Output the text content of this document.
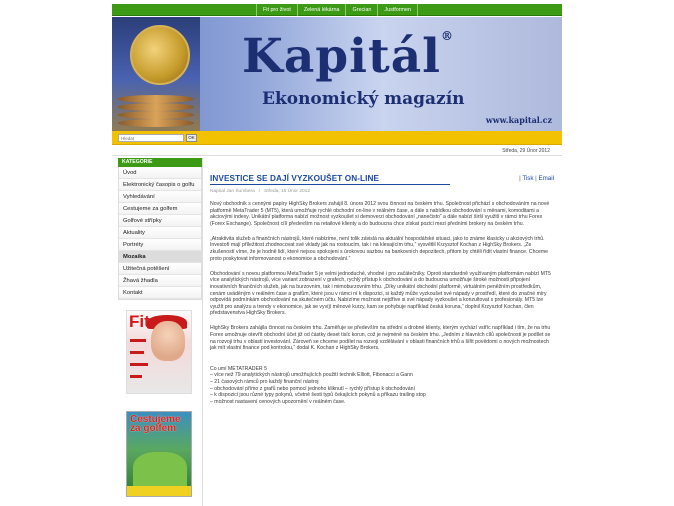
Fit pro život	Zelená lékárna	Grecian	Justformen
Kapitál®
Ekonomický magazín
www.kapital.cz
Hledat
OK
Středa, 29 Únor 2012
KATEGORIE
Úvod
Elektronický časopis o golfu
Vyhledávání
Cestujeme za golfem
Golfové střípky
Aktuality
Portréty
Mozaika
Užitečná potěšení
Žhavá žhadla
Kontakt
Fit
Cestujeme
za golfem
INVESTICE SE DAJÍ VYZKOUŠET ON-LINE	| Tisk | Email
Napsal Jan Šumbera / Středa, 15 Únor 2012

Nový obchodník s cennými papíry HighSky Brokers zahájil 8. února 2012 svou činnost na českém trhu. Společnost přichází s obchodováním na nové platformě MetaTrader 5 (MT5), která umožňuje rychlé obchodní on-line v reálném čase, a dále s nabídkou obchodování s měnami, komoditami a akciovými indexy. Unikátní platforma nabízí možnost vyzkoušet si demoverzi obchodování „nanečisto“ a dále nabízí širší využití v rámci trhu Forex (Forex Exchange). Společnost cílí především na retailové klienty a do budoucna chce získat pozici mezi předními brokery na českém trhu.

„Atraktivita služeb a finančních nástrojů, které nabízíme, není tolik závislá na aktuální hospodářské situaci, jako to známe klasicky u akciových trhů. Investoři mají příležitost zhodnocovat své vklady jak na rostoucím, tak i na klesajícím trhu,“ vysvětlil Krzysztof Kochan z HighSky Brokers. „Ze zkušeností víme, že je hodně lidí, které nejsou spokojeni s úrokovou sazbou na bankovních depozitech, přitom by chtěli řídit vlastní finance. Chceme proto poskytovat informovanost o ekonomice a obchodování.“

Obchodování s novou platformou MetaTrader 5 je velmi jednoduché, vhodné i pro začátečníky. Oproti standardně využívaným platformám nabízí MT5 více analytických nástrojů, více variant zobrazení v grafech, rychlý přístup k obchodování a do budoucna umožňuje široké možnosti připojení inovativních finančních služeb, jak na burzovním, tak i mimoburzovním trhu. „Díky unikátní obchodní platformě, virtuálním peněžním prostředkům, cenám uváděným v reálném čase a grafům, které jsou v rámci ní k dispozici, si každý může vyzkoušet své nápady v prostředí, které do značné míry odpovídá podmínkám obchodování na skutečném účtu. Nabízíme možnost nejdříve si své nápady vyzkoušet a konzultovat s profesionály. MT5 lze využít pro analýzu a trendy v ekonomice, jak se vyvíjí měnové kurzy, kam se pohybuje například česká koruna,“ doplnil Krzysztof Kochan, člen představenstva HighSky Brokers.

HighSky Brokers zahájila činnost na českém trhu. Zaměřuje se především na střední a drobné klienty, kterým vychází vstříc například i tím, že na trhu Forex umožnuje otevřít obchodní účet již od částky deset tisíc korun, což je nejméně na českém trhu. „Jedním z hlavních cílů společnosti je podílet se na rozvoji trhu v oblasti investování. Zároveň se chceme podílet na rozvoji vzdělávání v oblasti finančních trhů a šířit povědomí o nových možnostech jak mít vlastní finance pod kontrolou,“ dodal K. Kochan z HighSky Brokers.

Co umí METATRADER 5

– více než 79 analytických nástrojů umožňujících použití technik Elliott, Fibonacci a Gann

– 21 časových rámců pro každý finanční nástroj

– obchodování přímo z grafů nebo pomocí jednoho kliknutí – rychlý přístup k obchodování

– k dispozici jsou různé typy pokynů, včetně šesti typů čekajících pokynů a příkazu trailing stop

– možnost nastavení cenových upozornění v reálném čase.
